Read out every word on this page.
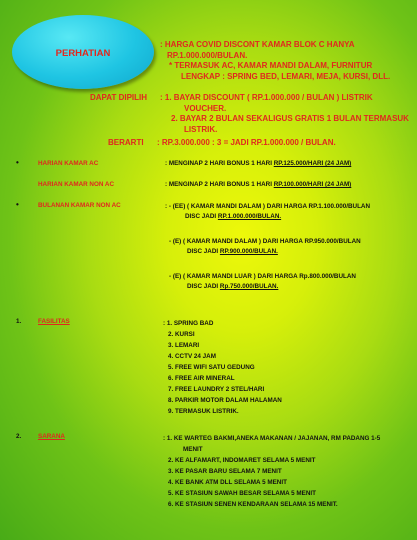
PERHATIAN
: HARGA COVID DISCONT KAMAR BLOK C HANYA
RP.1.000.000/BULAN.
* TERMASUK AC, KAMAR MANDI DALAM, FURNITUR
LENGKAP : SPRING BED, LEMARI, MEJA, KURSI, DLL.
DAPAT DIPILIH : 1. BAYAR DISCOUNT ( RP.1.000.000 / BULAN ) LISTRIK
VOUCHER.
2. BAYAR 2 BULAN SEKALIGUS GRATIS 1 BULAN TERMASUK
LISTRIK.
BERARTI : RP.3.000.000 : 3 = JADI RP.1.000.000 / BULAN.
•	HARIAN KAMAR AC	: MENGINAP 2 HARI BONUS 1 HARI RP.125.000/HARI (24 JAM)
HARIAN KAMAR NON AC	: MENGINAP 2 HARI BONUS 1 HARI RP.100.000/HARI (24 JAM)
•	BULANAN KAMAR NON AC	: - (EE) ( KAMAR MANDI DALAM ) DARI HARGA RP.1.100.000/BULAN
DISC JADI RP.1.000.000/BULAN.
- (E) ( KAMAR MANDI DALAM ) DARI HARGA RP.950.000/BULAN
DISC JADI RP.900.000/BULAN.
- (E) ( KAMAR MANDI LUAR ) DARI HARGA Rp.800.000/BULAN
DISC JADI Rp.750.000/BULAN.
1.	FASILITAS	: 1. SPRING BAD
2. KURSI
3. LEMARI
4. CCTV 24 JAM
5. FREE WIFI SATU GEDUNG
6. FREE AIR MINERAL
7. FREE LAUNDRY 2 STEL/HARI
8. PARKIR MOTOR DALAM HALAMAN
9. TERMASUK LISTRIK.
2.	SARANA	: 1. KE WARTEG BAKMI,ANEKA MAKANAN / JAJANAN, RM PADANG 1-5
MENIT
2. KE ALFAMART, INDOMARET SELAMA 5 MENIT
3. KE PASAR BARU SELAMA 7 MENIT
4. KE BANK ATM DLL SELAMA 5 MENIT
5. KE STASIUN SAWAH BESAR SELAMA 5 MENIT
6. KE STASIUN SENEN KENDARAAN SELAMA 15 MENIT.
